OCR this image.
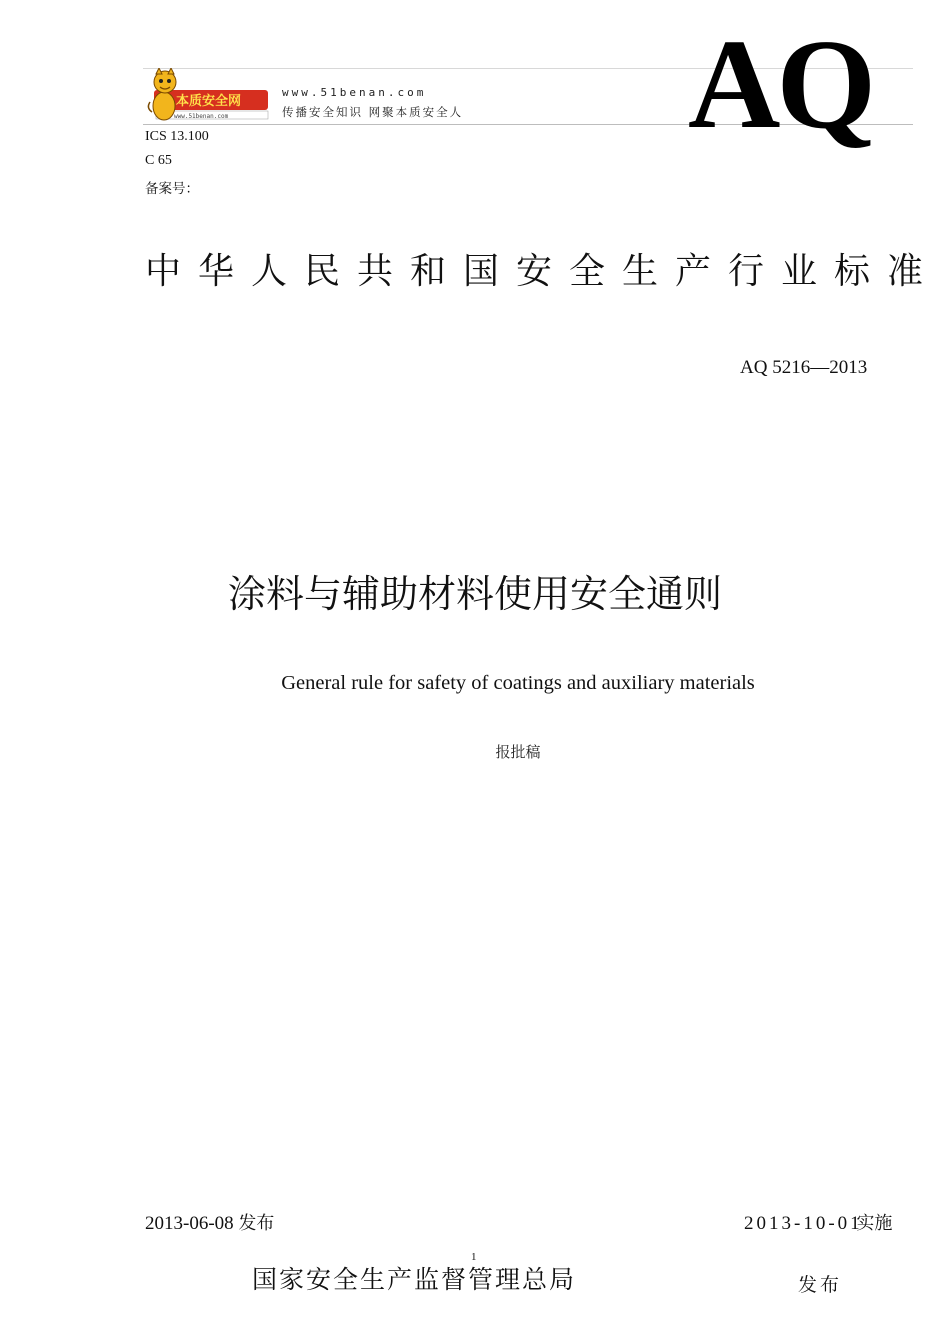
本质安全网
www.51benan.com
www.51benan.com
传播安全知识 网聚本质安全人 AQ
ICS 13.100
C 65
备案号：
中华人民共和国安全生产行业标准
AQ 5216—2013
涂料与辅助材料使用安全通则
General rule for safety of coatings and auxiliary materials
报批稿
2013-06-08 发布	2013-10-01 实施
1
国家安全生产监督管理总局	发布
